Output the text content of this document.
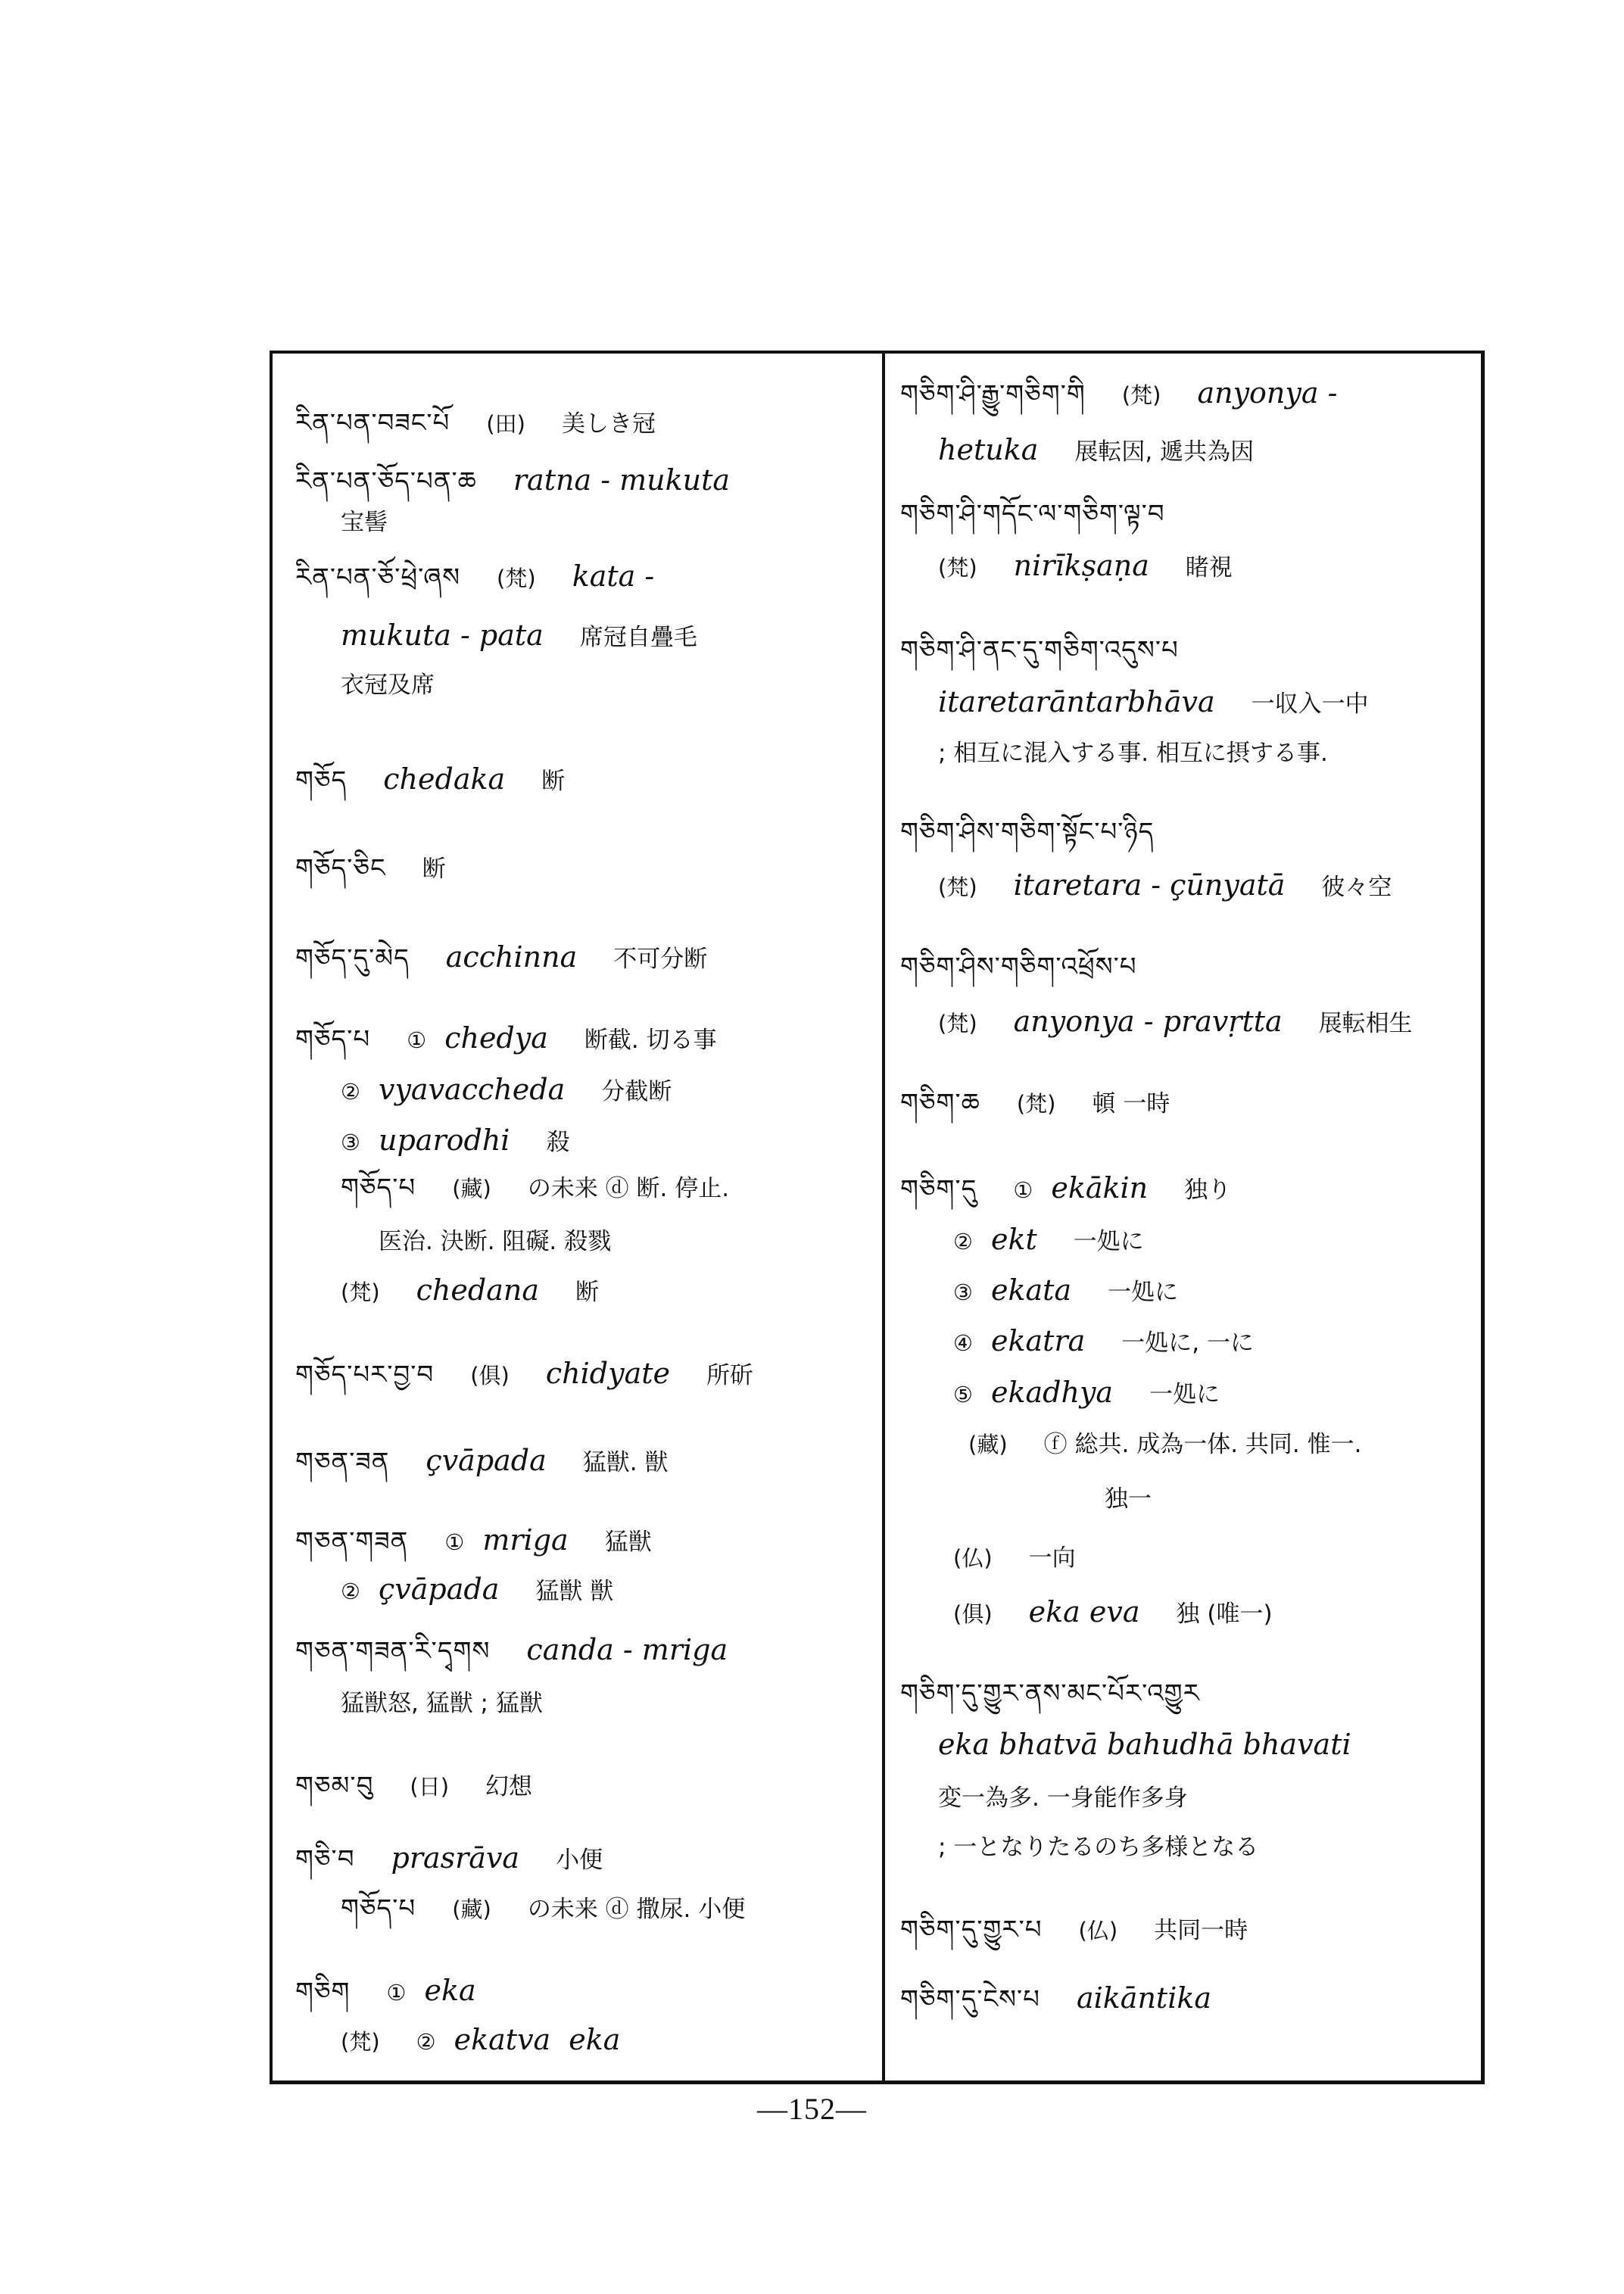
ཪིན་པན་བཟང་པོ (田) 美しき冠
ཪིན་པན་ཅོད་པན་ཆ ratna - mukuta
宝髻
ཪིན་པན་ཅོ་ཕྲེ་ཞས (梵) kata -
mukuta - pata 席冠自疊毛
衣冠及席
གཅོད chedaka 断
གཅོད་ཅིང 断
གཅོད་དུ་མེད acchinna 不可分断
གཅོད་པ ① chedya 断截. 切る事
② vyavaccheda 分截断
③ uparodhi 殺
གཅོད་པ (藏) の未来 ⓓ 断. 停止.
医治. 決断. 阻礙. 殺戮
(梵) chedana 断
གཅོད་པར་བྱ་བ (俱) chidyate 所斫
གཅན་ཟན çvāpada 猛獣. 獣
གཅན་གཟན ① mriga 猛獣
② çvāpada 猛獣 獣
གཅན་གཟན་རི་དྭགས canda - mriga
猛獣怒, 猛獣 ; 猛獣
གཅམ་བུ (日) 幻想
གཅི་བ prasrāva 小便
གཅོད་པ (藏) の未来 ⓓ 撒尿. 小便
གཅིག ① eka
(梵) ② ekatva eka
གཅིག་ཤི་རྒྱུ་གཅིག་གི (梵) anyonya -
hetuka 展転因, 遞共為因
གཅིག་ཤི་གདོང་ལ་གཅིག་ལྟ་བ
(梵) nirīkṣaṇa 睹視
གཅིག་ཤི་ནང་དུ་གཅིག་འདུས་པ
itaretarāntarbhāva 一収入一中
; 相互に混入する事. 相互に摂する事.
གཅིག་ཤིས་གཅིག་སྟོང་པ་ཉིད
(梵) itaretara - çūnyatā 彼々空
གཅིག་ཤིས་གཅིག་འཕྲོས་པ
(梵) anyonya - pravṛtta 展転相生
གཅིག་ཆ (梵) 頓 一時
གཅིག་དུ ① ekākin 独り
② ekt 一処に
③ ekata 一処に
④ ekatra 一処に, 一に
⑤ ekadhya 一処に
(藏) ⓕ 総共. 成為一体. 共同. 惟一.
独一
(仏) 一向
(俱) eka eva 独 (唯一)
གཅིག་དུ་གྱུར་ནས་མང་པོར་འགྱུར
eka bhatvā bahudhā bhavati
変一為多. 一身能作多身
; 一となりたるのち多様となる
གཅིག་དུ་གྱུར་པ (仏) 共同一時
གཅིག་དུ་ངེས་པ aikāntika
—152—
